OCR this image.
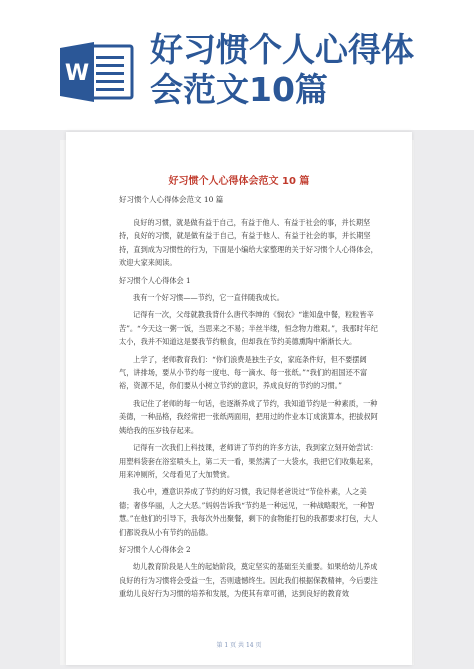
W
好习惯个人心得体
会范文10篇
好习惯个人心得体会范文 10 篇
好习惯个人心得体会范文 10 篇

良好的习惯，就是做有益于自己，有益于他人、有益于社会的事，并长期坚持，良好的习惯，就是做有益于自己，有益于他人、有益于社会的事，并长期坚持，直到成为习惯性的行为，下面是小编给大家整理的关于好习惯个人心得体会，欢迎大家来阅读。

好习惯个人心得体会 1

我有一个好习惯——节约，它一直伴随我成长。

记得有一次，父母就教我背什么唐代李绅的《悯农》“谁知盘中餐，粒粒皆辛苦”。“今天这一粥一饭，当思来之不易；半丝半缕，恒念物力维艰。”，我那时年纪太小，我并不知道这是要我节约粮食，但却我在节约美德熏陶中渐渐长大。

上学了，老师教育我们：“你们浪费是独生子女，家庭条件好，但不要摆阔气，讲排场，要从小节约每一度电、每一滴水、每一张纸。”“我们的祖国还不富裕，资源不足，你们要从小树立节约的意识，养成良好的节约的习惯。”

我记住了老师的每一句话，也逐渐养成了节约，我知道节约是一种素质，一种美德，一种品格，我经常把一张纸两面用，把用过的作业本订成演算本，把拔叔阿姨给我的压岁钱存起来。

记得有一次我们上科技课，老师讲了节约的许多方法，我到家立刻开始尝试：用塑料袋套在浴室喷头上，第二天一看，果然满了一大袋水，我把它们收集起来，用来冲厕所，父母看见了大加赞赏。

我心中，遵意识养成了节约的好习惯，我记得老爸说过“节俭朴素，人之美德；奢侈华丽，人之大恶。”妈妈告诉我“节约是一种远见，一种战略眼光，一种智慧。”在他们的引导下，我每次外出聚餐，剩下的食物能打包的我都要求打包，大人们都说我从小有节约的品德。

好习惯个人心得体会 2

幼儿教育阶段是人生的起始阶段，奠定坚实的基础至关重要。如果给幼儿养成良好的行为习惯将会受益一生，否则遗憾终生。因此我们根据保教精神，今后要注重幼儿良好行为习惯的培养和发展，为使其有章可循，达到良好的教育效

第 1 页 共 14 页
